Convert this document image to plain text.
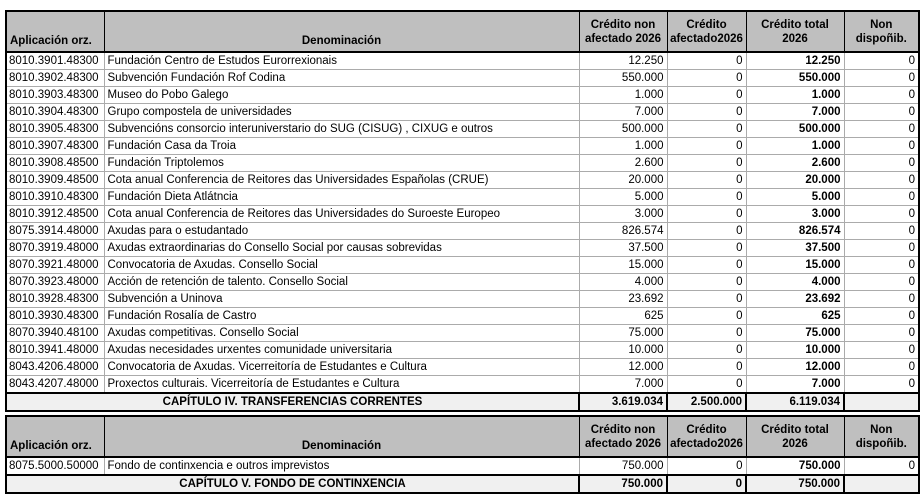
Aplicación orz.	Denominación	Crédito non afectado 2026	Crédito afectado2026	Crédito total 2026	Non dispoñib.
8010.3901.48300	Fundación Centro de Estudos Eurorrexionais	12.250	0	12.250	0
8010.3902.48300	Subvención Fundación Rof Codina	550.000	0	550.000	0
8010.3903.48300	Museo do Pobo Galego	1.000	0	1.000	0
8010.3904.48300	Grupo compostela de universidades	7.000	0	7.000	0
8010.3905.48300	Subvencións consorcio interuniverstario do SUG (CISUG) , CIXUG e outros	500.000	0	500.000	0
8010.3907.48300	Fundación Casa da Troia	1.000	0	1.000	0
8010.3908.48500	Fundación Triptolemos	2.600	0	2.600	0
8010.3909.48500	Cota anual Conferencia de Reitores das Universidades Españolas (CRUE)	20.000	0	20.000	0
8010.3910.48300	Fundación Dieta Atlátncia	5.000	0	5.000	0
8010.3912.48500	Cota anual Conferencia de Reitores das Universidades do Suroeste Europeo	3.000	0	3.000	0
8075.3914.48000	Axudas para o estudantado	826.574	0	826.574	0
8070.3919.48000	Axudas extraordinarias do Consello Social por causas sobrevidas	37.500	0	37.500	0
8070.3921.48000	Convocatoria de Axudas. Consello Social	15.000	0	15.000	0
8070.3923.48000	Acción de retención de talento. Consello Social	4.000	0	4.000	0
8010.3928.48300	Subvención a Uninova	23.692	0	23.692	0
8010.3930.48300	Fundación Rosalía de Castro	625	0	625	0
8070.3940.48100	Axudas competitivas. Consello Social	75.000	0	75.000	0
8010.3941.48000	Axudas necesidades urxentes comunidade universitaria	10.000	0	10.000	0
8043.4206.48000	Convocatoria de Axudas. Vicerreitoría de Estudantes e Cultura	12.000	0	12.000	0
8043.4207.48000	Proxectos culturais. Vicerreitoría de Estudantes e Cultura	7.000	0	7.000	0
CAPÍTULO IV. TRANSFERENCIAS CORRENTES		3.619.034	2.500.000	6.119.034	
Aplicación orz.	Denominación	Crédito non afectado 2026	Crédito afectado2026	Crédito total 2026	Non dispoñib.
8075.5000.50000	Fondo de continxencia e outros imprevistos	750.000	0	750.000	0
CAPÍTULO V. FONDO DE CONTINXENCIA		750.000	0	750.000	
